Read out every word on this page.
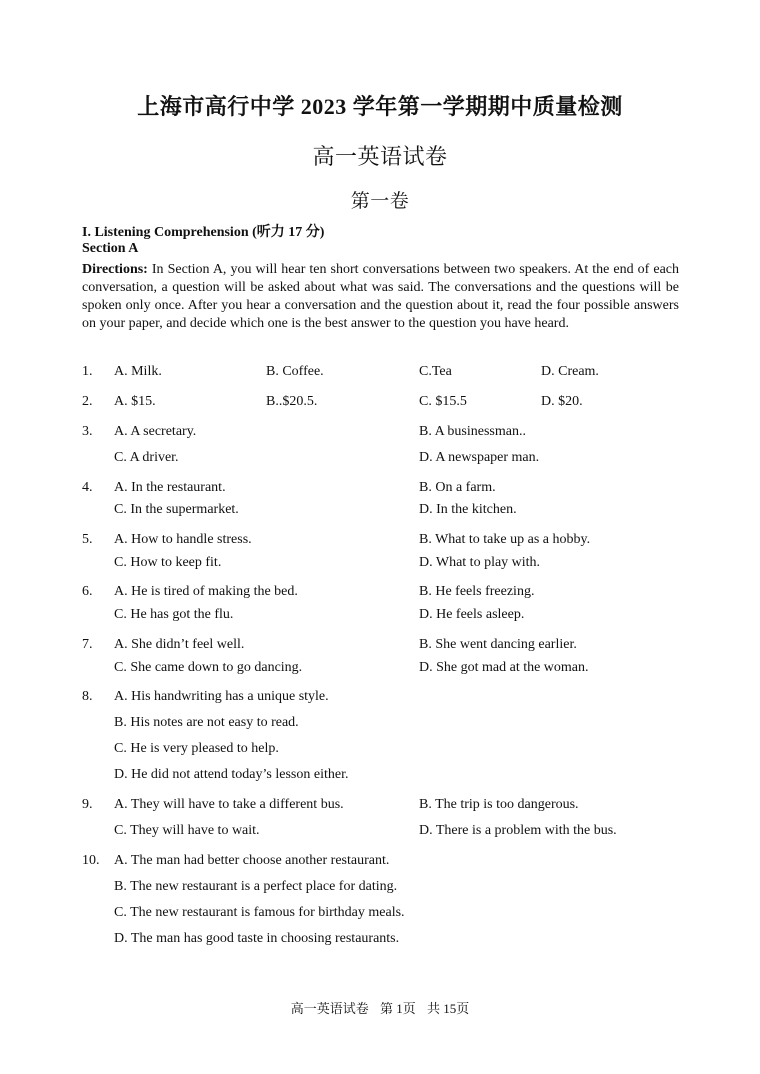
上海市高行中学 2023 学年第一学期期中质量检测
高一英语试卷
第一卷
I. Listening Comprehension (听力 17 分)
Section A
Directions: In Section A, you will hear ten short conversations between two speakers. At the end of each conversation, a question will be asked about what was said. The conversations and the questions will be spoken only once. After you hear a conversation and the question about it, read the four possible answers on your paper, and decide which one is the best answer to the question you have heard.
1. A. Milk.	B. Coffee.	C.Tea	D. Cream.
2. A. $15.	B..$20.5.	C. $15.5	D. $20.
3. A. A secretary.	B. A businessman..
C. A driver.	D. A newspaper man.
4. A. In the restaurant.	B. On a farm.
C. In the supermarket.	D. In the kitchen.
5. A. How to handle stress.	B. What to take up as a hobby.
C. How to keep fit.	D. What to play with.
6. A. He is tired of making the bed.	B. He feels freezing.
C. He has got the flu.	D. He feels asleep.
7. A. She didn’t feel well.	B. She went dancing earlier.
C. She came down to go dancing.	D. She got mad at the woman.
8. A. His handwriting has a unique style.
B. His notes are not easy to read.
C. He is very pleased to help.
D. He did not attend today’s lesson either.
9. A. They will have to take a different bus.	B. The trip is too dangerous.
C. They will have to wait.	D. There is a problem with the bus.
10. A. The man had better choose another restaurant.
B. The new restaurant is a perfect place for dating.
C. The new restaurant is famous for birthday meals.
D. The man has good taste in choosing restaurants.
高一英语试卷 第 1页 共 15页
